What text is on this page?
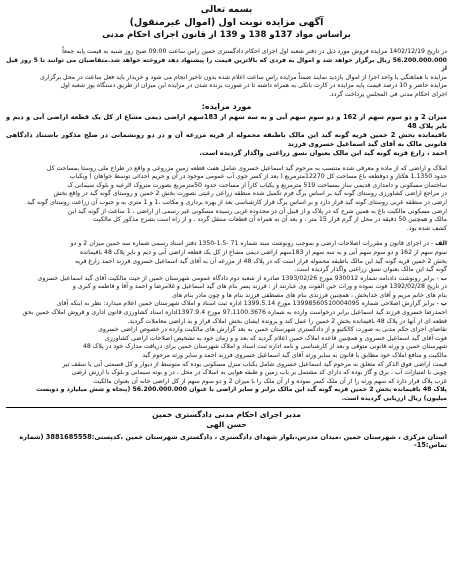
بسمه تعالی
آگهی مزایده نوبت اول (اموال غیرمنقول)
براساس مواد 137و 138 و 139 از قانون اجرای احکام مدنی

در تاریخ 1402/12/19 مزایده فروش مورد ذیل در دفتر شعبه اول اجرای احکام دادگستری خمین راس ساعت 09:00 صبح روز شنبه به قیمت پایه جمعاً

56.200.000.000 ریال برگزار خواهد شد و اموال به فردی که بالاترین قیمت را پیشنهاد دهد فروخته خواهد شد.متقاضیان می توانند تا 5 روز قبل از

مزایده با هماهنگی با واحد اجرا از اموال بازدید نمایند ضمناً مزایده راس ساعت اعلام شده بدون تاخیر انجام می شود و خریدار باید فعل ساعت در محل برگزاری

مزایده حاضر و 10 درصد قیمت پایه مزایده در کارت بانکی به همراه داشته تا در صورت برنده شدن در مزایده این میزان از طریق دستگاه پوز شعبه اول

اجرای احکام مدنی فی المجلس پرداخت گردد.

مورد مزایده:

میزان 2 و دو سوم سهم از 162 و دو سوم سهم آبی و به سه سهم از 183سهم اراضی دیمی مشاع از کل یک قطعه اراضی آبی و دیم و بایر پلاک 48

باقیمانده بخش 2 خمین قریه گونه گید این مالک باطبقه محموله از قریه مزرعه آن و در دو رونشمانی در صلح مذکور باشتناد دادگاهی قانونی مالک به آقای گید اسماعیل خسروی فرزند

احمد ، زارع قریه گونه گید این مالک بعنوان نسق زراعتی واگذار گردیده است.

املاک و اراضی که از ماده و معرفی شده منتسب به مرحوم گید اسماعیل خسروی شامل هفت قطعه زمین مزروعی و واقع در طراح ملی روستا بمساحت کل

حدود 1.1350 هکتار و دوقطعه باغ مساحت کل 12270مترمربع ( بعد از کسر جوی آب عمومی موجود در آن و حریم احداثی توسط خواهان ) ویکباب

ساختمان مسکونی و دامداری قدیمی ساز بمساحت 519 مترمربع و یکباب کارآ از مساحت حدود 50مترمربع بصورت متروک الرعیه و بلوک سیمانی ک

در مراجع اراضی کشاورزی روستای گونه گید بر اساس برگ فرم تکمیل شده منطقه زراعی رعیتی بصورت بخش 2 خمین و روستای گونه گید در واقع بخش

ارضی در منطقه غربی روستای گونه گید قرار دارد و بر اساس برگ قرار کارشناسی بعد از بهره برداری و مکاتب ،1 و 1 متری به و جنوب آن زراعت روستای گونه گید

ارضی مسکونی مالکیت باغ به همین شرح که در پلاک و از قبیل آن در محدوده غربی رسیده مسکونی غیر رسمی از اراضی ، 1 ساعت از گونه گید این

مالک و همچنین 50 دقیقه در محل از گرم قرار 15 متر ، و بعد آن به همراه آن قطعات منتقل گردد ، و از راه است بشرح مذکور کل مالکیت

کشف شده بود.

الف - در اجرای قانون و مقررات اصلاحات ارضی و بموجب رونوشت سند شماره 71 -1.5-1350 دفتر اسناد رسمی شماره سه خمین میزان 2 و دو

سوم سهم از 162 و دو سوم سهم آبی و به سه سهم از 183سهم اراضی دیمی مشاع از کل یک قطعه اراضی آبی و دیم و بایر پلاک 48 باقیمانده

بخش 2 خمین قریه گونه گید این مالک باطبقه محموله قرار است که در پلاک 48 از مزرعه آن به آقای گید اسماعیل خسروی فرزند احمد زارع قریه

گونه گید این مالک بعنوان نسق زراعتی واگذار گردیده است.

ب - برابر رونوشت دادنامه شماره 930012 مورخ 1393/02/26 صادره از شعبه دوم دادگاه عمومی شهرستان خمین از حیث مالکیت آقای گید اسماعیل خسروی

در تاریخ 1392/02/28 فوت نموده و وراث حین الفوت وی عبارتند از : فرزند پسر بنام های گید اسماعیل و غلامرضا و احمد و آقا و فاطمه و کبری و

بنام های خانم مریم و آقای خدابخش ، همچنین فرزندی بنام های مصطفی فرزند بنام ها و چون مادر بنام های

پ - برابر گزارش اصلاحی شماره 13998560510004095 مورخ 1399.5.14 اداره ثبت اسناد و املاک شهرستان خمین اعلام میدارد: نظر به اینکه آقای

احمدرضا خسروی فرزند گید اسماعیل برابر درخواست وارده به شماره 97.1100.3676 مورخ 1397.9.4اداره اسناد کشاورزی قانون اداری و فروش املاک خمین بحق

قطعه ای از آنها در پلاک 48 باقیمانده بخش 2 خمین را عمل کند و پرونده ایشان بخش املاک قرار و به اراضی معاملات گردید.

تقاضای اجرای حکم مدنی به صورت کالکتیو و از دادگستری شهرستان خمین به بعد گزارش های مالکیت وارده در خصوص اراضی خسروی

فوت آقای گید اسماعیل خسروی و همچنین قاعده املاک خمین اعلام گردید که بعد و و زمان خود به تشخیص اصلاحات اراضی کشاورزی

شهرستان خمین و ورثه قانونی متوفی و بعد از کارشناسی و نامه اداره ثبت اسناد و املاک شهرستان خمین برای دریافت مدارک خود در پلاک 48

مالکیت و منافع املاک خود مطابق با قانون به سایر ورثه آقای گید اسماعیل خسروی فرزند احمد و سایر ورثه مرحوم گید

قیمت اراضی فوق الذکر که متعلق به مرحوم گید اسماعیل خسروی شامل یکباب منزل مسکونی بوده که متوسط از دیوار و کل قسمتی آبی یا سقف تیر

چوبی با امتیازات آب ، برق و گاز بوده که دارای کد مشتمل بر باب زمین و طبقه هوایی به اسلاک در محل ، در و بوته سیمانی و بلوک با ارزش ارضی

غرب پلاک قرار دارد که سهم ورثه را از آن ملک کسر نموده و از آن ملک را با میزان 2 و دو سوم سهم از کل اراضی خانه آن بعنوان مالکیت

پلاک 48 باقیمانده بخش 2 خمین قریه گونه گید این مالک برابر و سایر اراضی با عنوان 56.200.000.000 (پنجاه و شش میلیارد و دویست

میلیون) ریال ارزیابی گردیده است.

مدیر اجرای احکام مدنی دادگستری خمین
حسن الهی
استان مرکزی ، شهرستان خمین ،میدان مدرس،بلوار شهدای دادگستری ، دادگستری شهرستان خمین ،کدپستی:3881685558 (شماره تماس:15-
